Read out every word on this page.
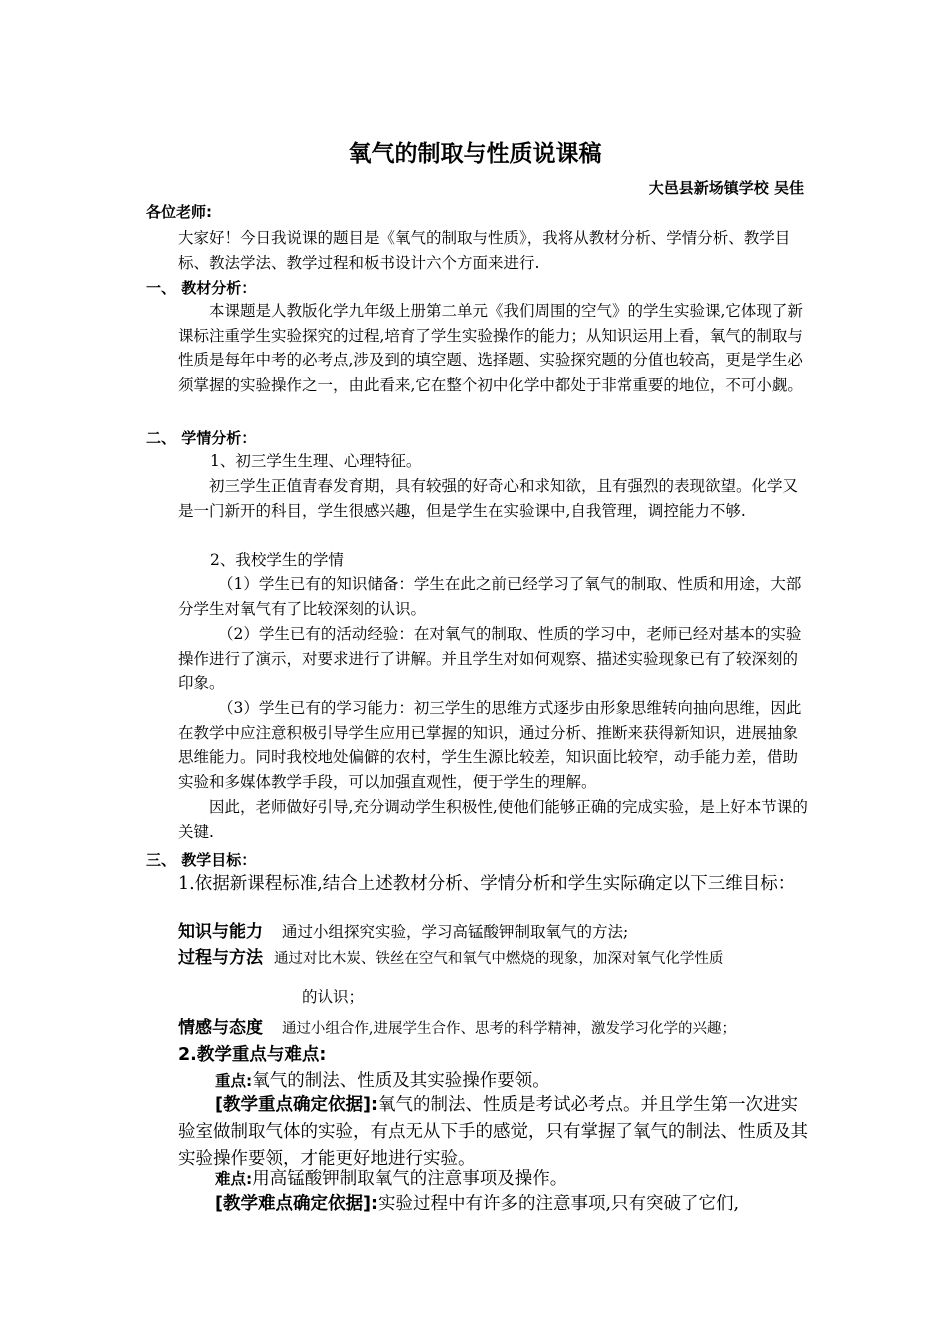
氧气的制取与性质说课稿
大邑县新场镇学校 吴佳
各位老师:
大家好！今日我说课的题目是《氧气的制取与性质》，我将从教材分析、学情分析、教学目标、教法学法、教学过程和板书设计六个方面来进行.
一、 教材分析：
本课题是人教版化学九年级上册第二单元《我们周围的空气》的学生实验课,它体现了新课标注重学生实验探究的过程,培育了学生实验操作的能力；从知识运用上看，氧气的制取与性质是每年中考的必考点,涉及到的填空题、选择题、实验探究题的分值也较高，更是学生必须掌握的实验操作之一，由此看来,它在整个初中化学中都处于非常重要的地位，不可小觑。
二、 学情分析：
1、初三学生生理、心理特征。
初三学生正值青春发育期，具有较强的好奇心和求知欲，且有强烈的表现欲望。化学又是一门新开的科目，学生很感兴趣，但是学生在实验课中,自我管理，调控能力不够.
2、我校学生的学情
（1）学生已有的知识储备：学生在此之前已经学习了氧气的制取、性质和用途，大部分学生对氧气有了比较深刻的认识。
（2）学生已有的活动经验：在对氧气的制取、性质的学习中，老师已经对基本的实验操作进行了演示，对要求进行了讲解。并且学生对如何观察、描述实验现象已有了较深刻的印象。
（3）学生已有的学习能力：初三学生的思维方式逐步由形象思维转向抽向思维，因此在教学中应注意积极引导学生应用已掌握的知识，通过分析、推断来获得新知识，进展抽象思维能力。同时我校地处偏僻的农村，学生生源比较差，知识面比较窄，动手能力差，借助实验和多媒体教学手段，可以加强直观性，便于学生的理解。
因此，老师做好引导,充分调动学生积极性,使他们能够正确的完成实验，是上好本节课的关键.
三、 教学目标：
1.依据新课程标准,结合上述教材分析、学情分析和学生实际确定以下三维目标：
知识与能力 通过小组探究实验，学习高锰酸钾制取氧气的方法;
过程与方法 通过对比木炭、铁丝在空气和氧气中燃烧的现象，加深对氧气化学性质
的认识；
情感与态度 通过小组合作,进展学生合作、思考的科学精神，激发学习化学的兴趣；
2.教学重点与难点:
重点:氧气的制法、性质及其实验操作要领。
[教学重点确定依据]:氧气的制法、性质是考试必考点。并且学生第一次进实验室做制取气体的实验，有点无从下手的感觉，只有掌握了氧气的制法、性质及其实验操作要领，才能更好地进行实验。
难点:用高锰酸钾制取氧气的注意事项及操作。
[教学难点确定依据]:实验过程中有许多的注意事项,只有突破了它们,
